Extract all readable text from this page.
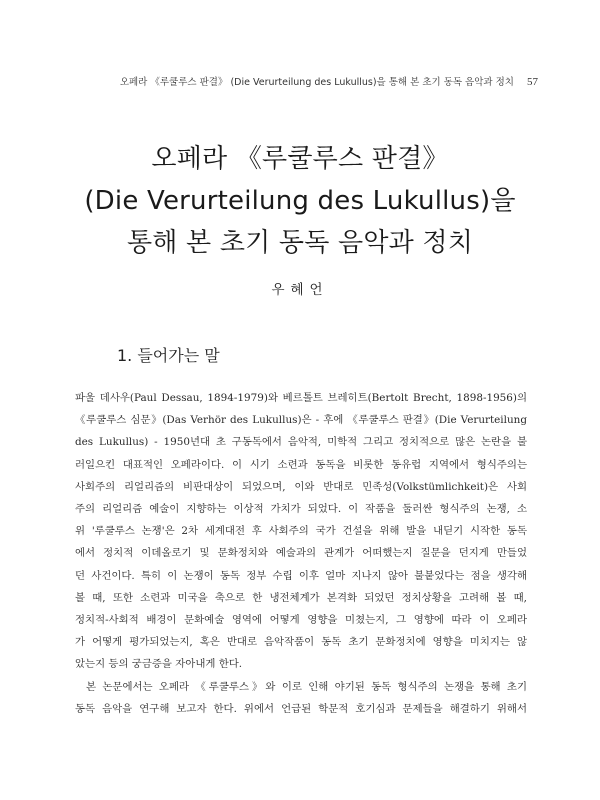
오페라 《루쿨루스 판결》 (Die Verurteilung des Lukullus)을 통해 본 초기 동독 음악과 정치 57
오페라 《루쿨루스 판결》
(Die Verurteilung des Lukullus)을
통해 본 초기 동독 음악과 정치
우혜언
1. 들어가는 말
파울 데사우(Paul Dessau, 1894-1979)와 베르톨트 브레히트(Bertolt Brecht, 1898-1956)의
《루쿨루스 심문》(Das Verhör des Lukullus)은 - 후에 《루쿨루스 판결》(Die Verurteilung
des Lukullus) - 1950년대 초 구동독에서 음악적, 미학적 그리고 정치적으로 많은 논란을 불
러일으킨 대표적인 오페라이다. 이 시기 소련과 동독을 비롯한 동유럽 지역에서 형식주의는
사회주의 리얼리즘의 비판대상이 되었으며, 이와 반대로 민족성(Volkstümlichkeit)은 사회
주의 리얼리즘 예술이 지향하는 이상적 가치가 되었다. 이 작품을 둘러싼 형식주의 논쟁, 소
위 '루쿨루스 논쟁'은 2차 세계대전 후 사회주의 국가 건설을 위해 발을 내딛기 시작한 동독
에서 정치적 이데올로기 및 문화정치와 예술과의 관계가 어떠했는지 질문을 던지게 만들었
던 사건이다. 특히 이 논쟁이 동독 정부 수립 이후 얼마 지나지 않아 불붙었다는 점을 생각해
볼 때, 또한 소련과 미국을 축으로 한 냉전체계가 본격화 되었던 정치상황을 고려해 볼 때,
정치적-사회적 배경이 문화예술 영역에 어떻게 영향을 미쳤는지, 그 영향에 따라 이 오페라
가 어떻게 평가되었는지, 혹은 반대로 음악작품이 동독 초기 문화정치에 영향을 미치지는 않
았는지 등의 궁금증을 자아내게 한다.
본 논문에서는 오페라 《루쿨루스》와 이로 인해 야기된 동독 형식주의 논쟁을 통해 초기
동독 음악을 연구해 보고자 한다. 위에서 언급된 학문적 호기심과 문제들을 해결하기 위해서
